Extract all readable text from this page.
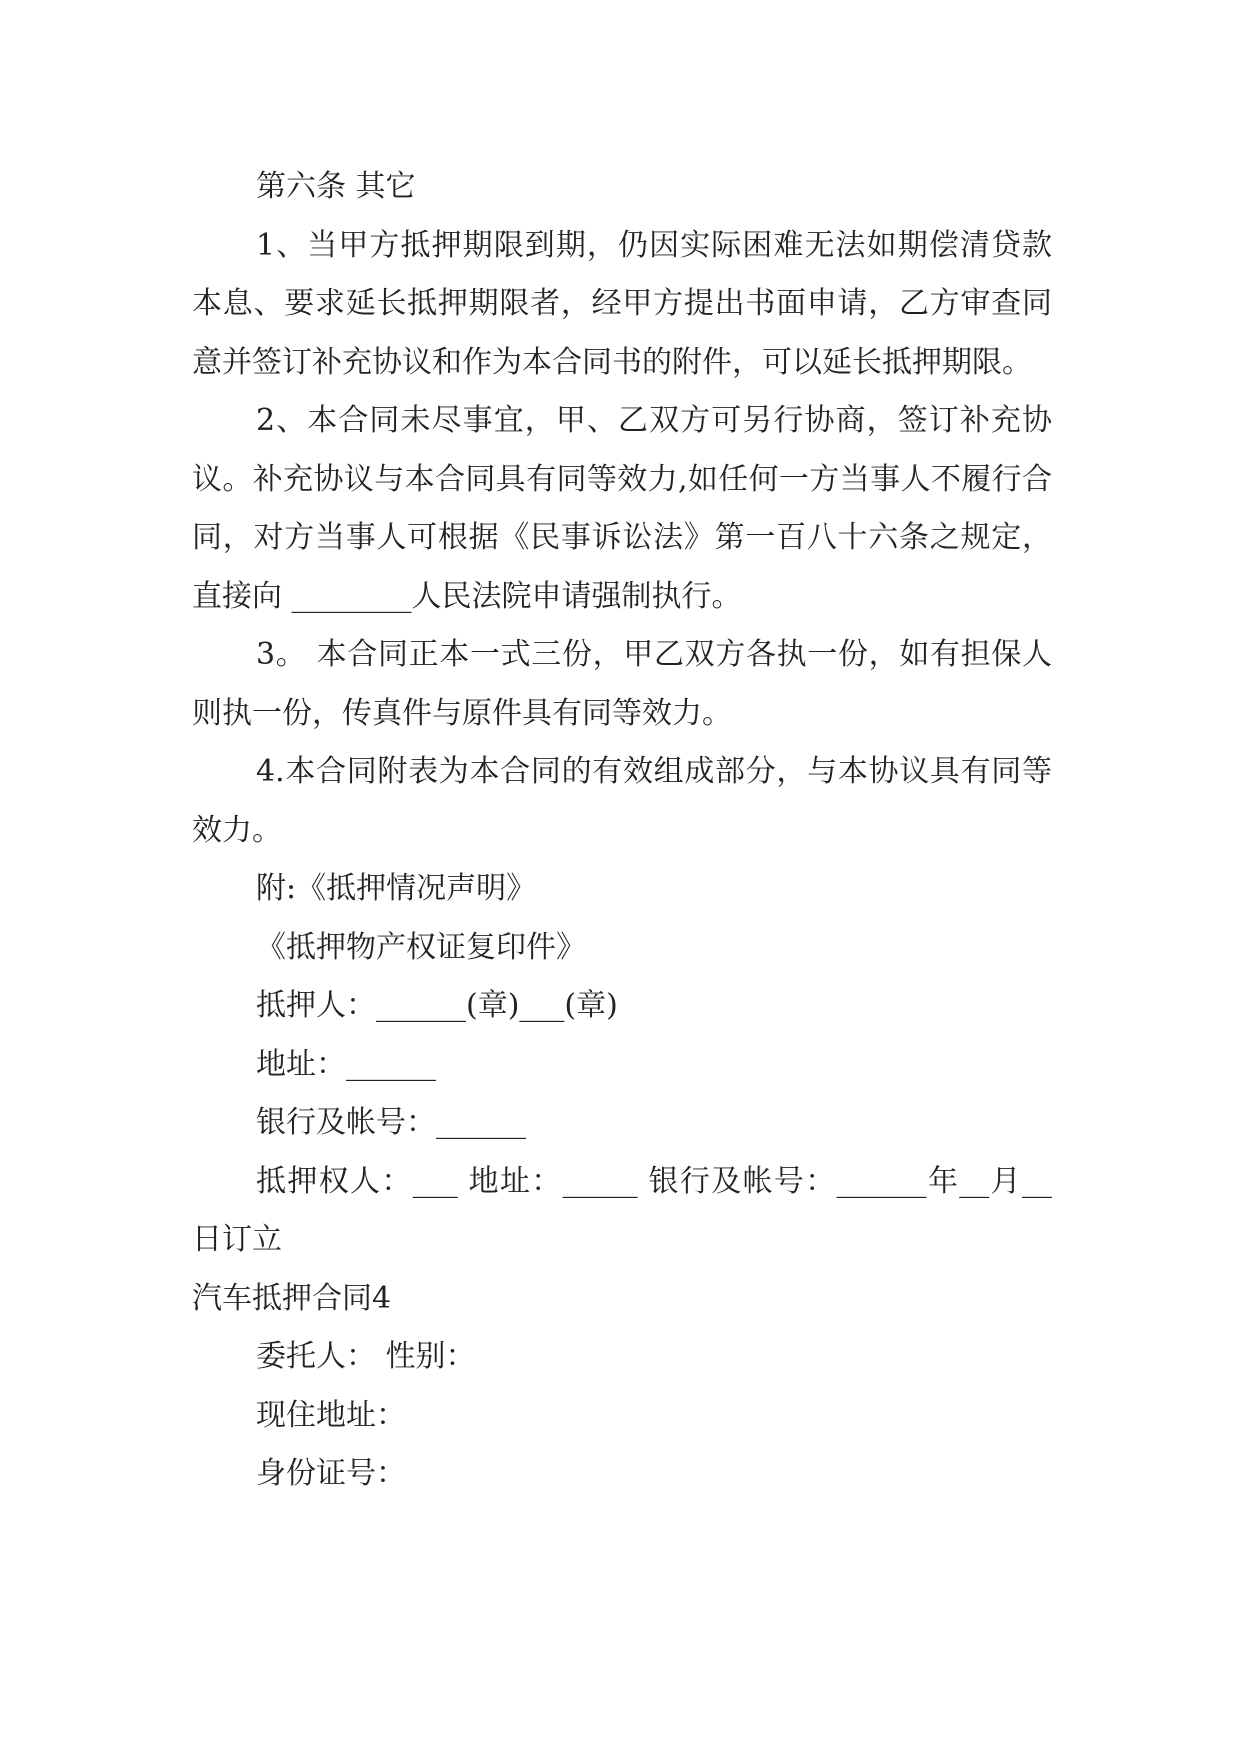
第六条 其它

1、当甲方抵押期限到期，仍因实际困难无法如期偿清贷款本息、要求延长抵押期限者，经甲方提出书面申请，乙方审查同意并签订补充协议和作为本合同书的附件，可以延长抵押期限。

2、本合同未尽事宜，甲、乙双方可另行协商，签订补充协议。补充协议与本合同具有同等效力,如任何一方当事人不履行合同，对方当事人可根据《民事诉讼法》第一百八十六条之规定，直接向 ________人民法院申请强制执行。

3。 本合同正本一式三份，甲乙双方各执一份，如有担保人则执一份，传真件与原件具有同等效力。

4.本合同附表为本合同的有效组成部分，与本协议具有同等效力。

附:《抵押情况声明》

《抵押物产权证复印件》

抵押人：______(章)___(章)

地址：______

银行及帐号：______

抵押权人：___ 地址：_____ 银行及帐号：______年__月__日订立

汽车抵押合同4

委托人： 性别：

现住地址：

身份证号：
